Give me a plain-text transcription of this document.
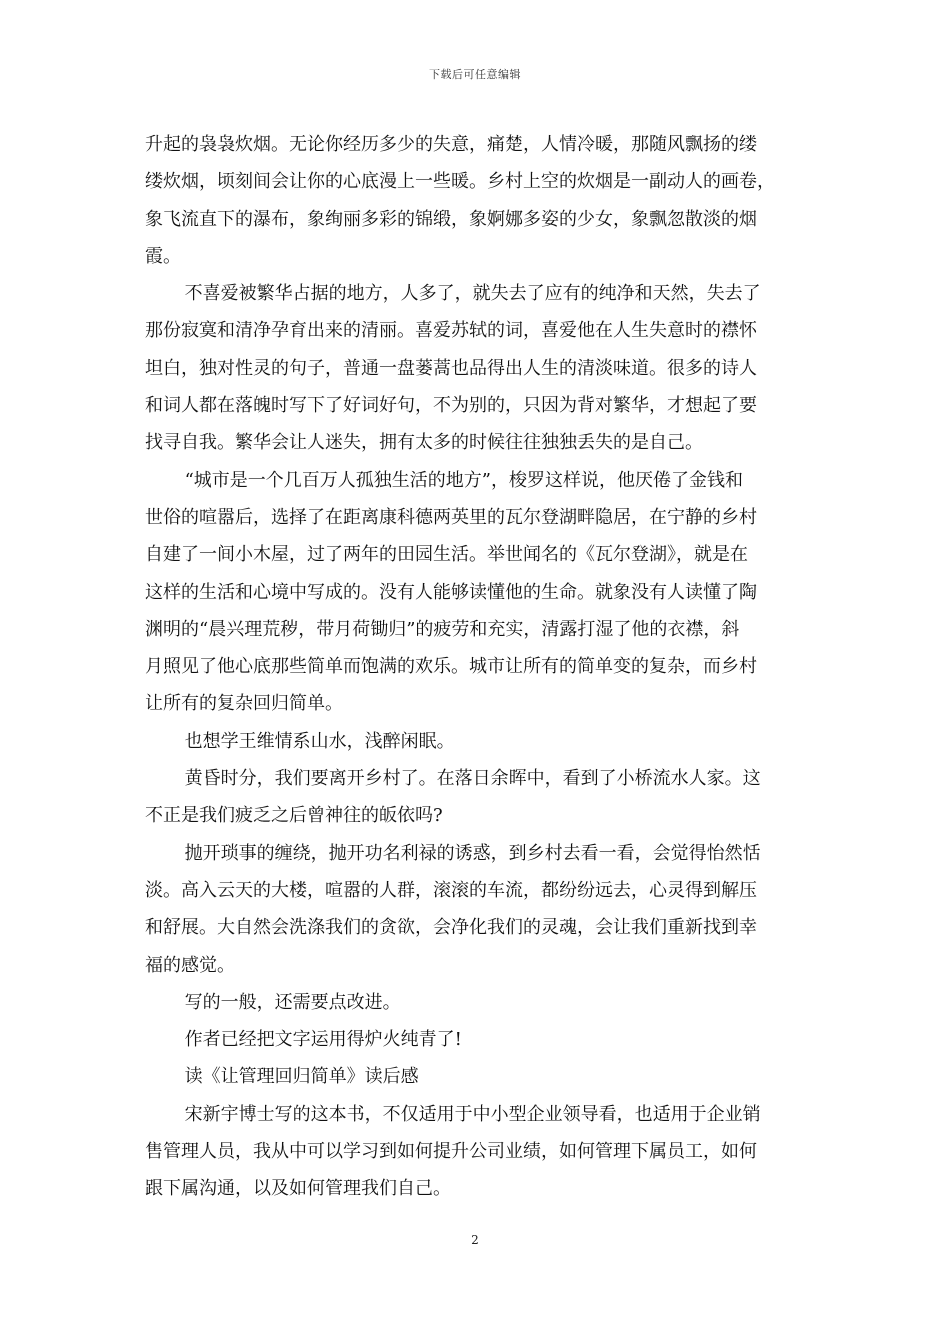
下载后可任意编辑

升起的袅袅炊烟。无论你经历多少的失意，痛楚，人情冷暖，那随风飘扬的缕
缕炊烟，顷刻间会让你的心底漫上一些暖。乡村上空的炊烟是一副动人的画卷，
象飞流直下的瀑布，象绚丽多彩的锦缎，象婀娜多姿的少女，象飘忽散淡的烟
霞。

不喜爱被繁华占据的地方，人多了，就失去了应有的纯净和天然，失去了
那份寂寞和清净孕育出来的清丽。喜爱苏轼的词，喜爱他在人生失意时的襟怀
坦白，独对性灵的句子，普通一盘蒌蒿也品得出人生的清淡味道。很多的诗人
和词人都在落魄时写下了好词好句，不为别的，只因为背对繁华，才想起了要
找寻自我。繁华会让人迷失，拥有太多的时候往往独独丢失的是自己。

“城市是一个几百万人孤独生活的地方”，梭罗这样说，他厌倦了金钱和
世俗的喧嚣后，选择了在距离康科德两英里的瓦尔登湖畔隐居，在宁静的乡村
自建了一间小木屋，过了两年的田园生活。举世闻名的《瓦尔登湖》，就是在
这样的生活和心境中写成的。没有人能够读懂他的生命。就象没有人读懂了陶
渊明的“晨兴理荒秽，带月荷锄归”的疲劳和充实，清露打湿了他的衣襟，斜
月照见了他心底那些简单而饱满的欢乐。城市让所有的简单变的复杂，而乡村
让所有的复杂回归简单。

也想学王维情系山水，浅醉闲眠。

黄昏时分，我们要离开乡村了。在落日余晖中，看到了小桥流水人家。这
不正是我们疲乏之后曾神往的皈依吗?

抛开琐事的缠绕，抛开功名利禄的诱惑，到乡村去看一看，会觉得怡然恬
淡。高入云天的大楼，喧嚣的人群，滚滚的车流，都纷纷远去，心灵得到解压
和舒展。大自然会洗涤我们的贪欲，会净化我们的灵魂，会让我们重新找到幸
福的感觉。

写的一般，还需要点改进。

作者已经把文字运用得炉火纯青了!

读《让管理回归简单》读后感

宋新宇博士写的这本书，不仅适用于中小型企业领导看，也适用于企业销
售管理人员，我从中可以学习到如何提升公司业绩，如何管理下属员工，如何
跟下属沟通，以及如何管理我们自己。

2
